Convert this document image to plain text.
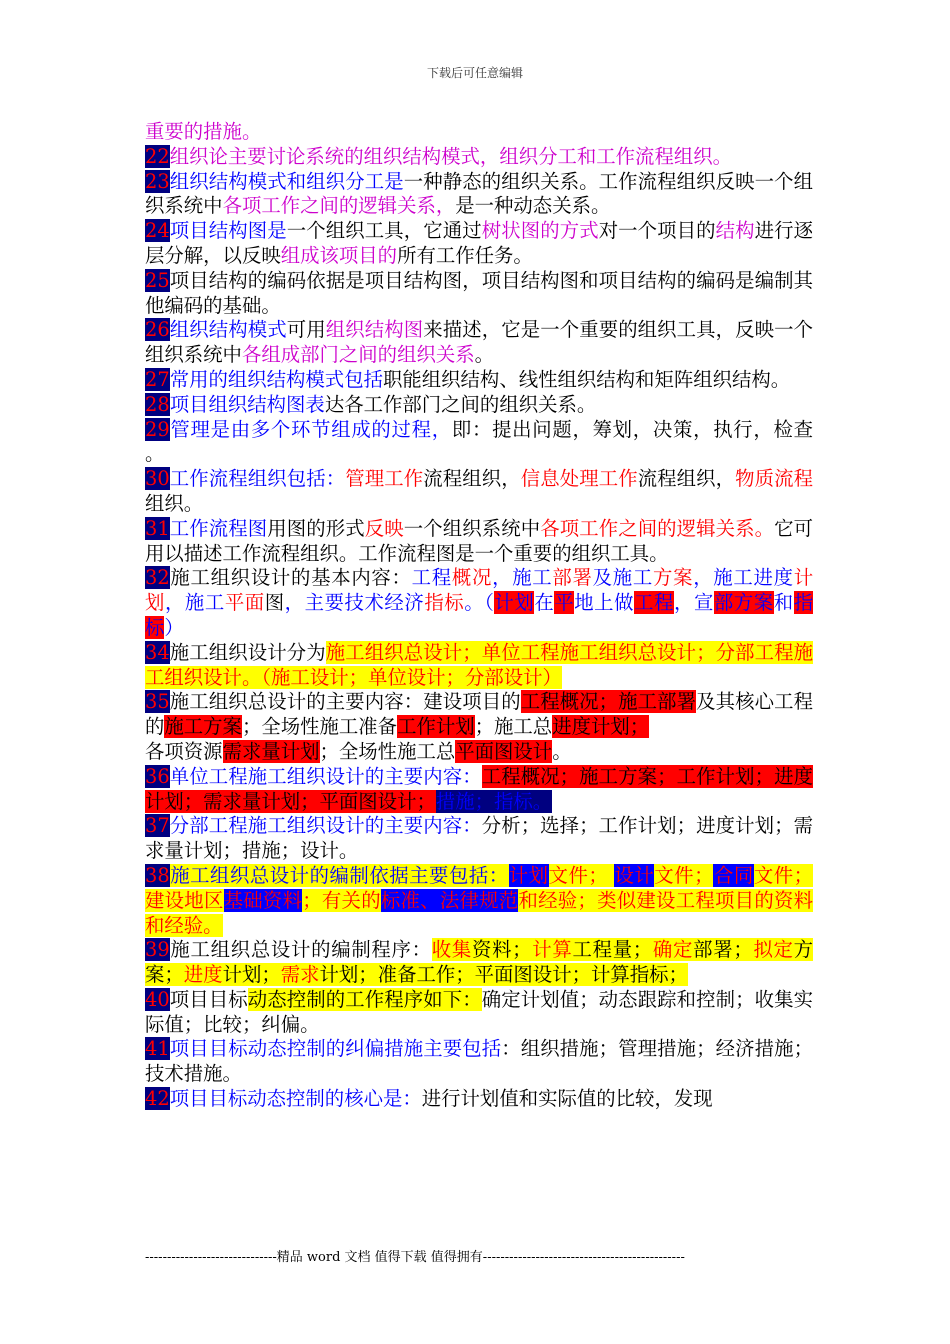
下载后可任意编辑

重要的措施。

22组织论主要讨论系统的组织结构模式，组织分工和工作流程组织。

23组织结构模式和组织分工是一种静态的组织关系。工作流程组织反映一个组织系统中各项工作之间的逻辑关系，是一种动态关系。

24项目结构图是一个组织工具，它通过树状图的方式对一个项目的结构进行逐层分解，以反映组成该项目的所有工作任务。

25项目结构的编码依据是项目结构图，项目结构图和项目结构的编码是编制其他编码的基础。

26组织结构模式可用组织结构图来描述，它是一个重要的组织工具，反映一个组织系统中各组成部门之间的组织关系。

27常用的组织结构模式包括职能组织结构、线性组织结构和矩阵组织结构。

28项目组织结构图表达各工作部门之间的组织关系。

29管理是由多个环节组成的过程，即：提出问题，筹划，决策，执行，检查 。

30工作流程组织包括：管理工作流程组织，信息处理工作流程组织，物质流程组织。

31工作流程图用图的形式反映一个组织系统中各项工作之间的逻辑关系。它可用以描述工作流程组织。工作流程图是一个重要的组织工具。

32施工组织设计的基本内容：工程概况，施工部署及施工方案，施工进度计划，施工平面图，主要技术经济指标。（计划在平地上做工程，宣部方案和指标）

34施工组织设计分为施工组织总设计；单位工程施工组织总设计；分部工程施工组织设计。（施工设计；单位设计；分部设计）

35施工组织总设计的主要内容：建设项目的工程概况；施工部署及其核心工程的施工方案；全场性施工准备工作计划；施工总进度计划；

各项资源需求量计划；全场性施工总平面图设计。

36单位工程施工组织设计的主要内容：工程概况；施工方案；工作计划；进度计划；需求量计划；平面图设计；措施；指标。

37分部工程施工组织设计的主要内容：分析；选择；工作计划；进度计划；需求量计划；措施；设计。

38施工组织总设计的编制依据主要包括：计划文件； 设计文件；合同文件；建设地区基础资料；有关的标准、法律规范和经验；类似建设工程项目的资料和经验。

39施工组织总设计的编制程序：收集资料；计算工程量；确定部署；拟定方案；进度计划；需求计划；准备工作；平面图设计；计算指标；

40项目目标动态控制的工作程序如下：确定计划值；动态跟踪和控制；收集实际值；比较；纠偏。

41项目目标动态控制的纠偏措施主要包括：组织措施；管理措施；经济措施；技术措施。

42项目目标动态控制的核心是：进行计划值和实际值的比较，发现

------------------------------精品 word 文档 值得下载 值得拥有----------------------------------------------
